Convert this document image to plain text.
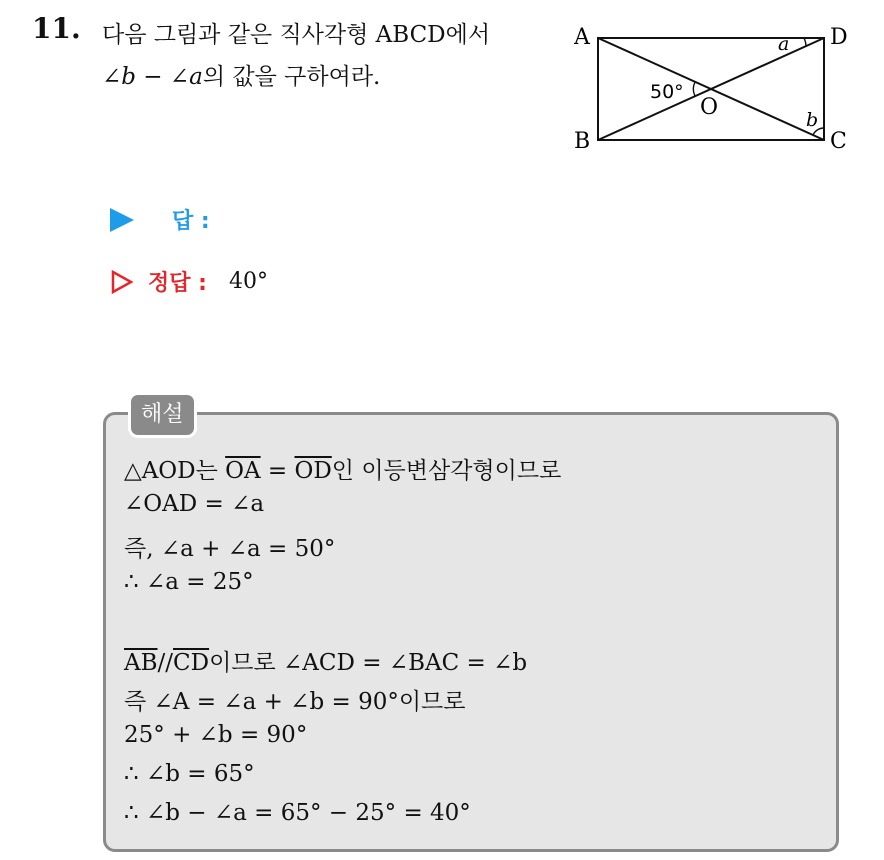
11. 다음 그림과 같은 직사각형 ABCD에서
∠b − ∠a의 값을 구하여라.
A	D
B	C
O
a
b
50°
답 :
정답 : 40°
해설
△AOD는 $\overline{OA} = \overline{OD}$인 이등변삼각형이므로
∠OAD = ∠a
즉, ∠a + ∠a = 50°
∴ ∠a = 25°
$\overline{AB}//\overline{CD}$이므로 ∠ACD = ∠BAC = ∠b
즉 ∠A = ∠a + ∠b = 90°이므로
25° + ∠b = 90°
∴ ∠b = 65°
∴ ∠b − ∠a = 65° − 25° = 40°
